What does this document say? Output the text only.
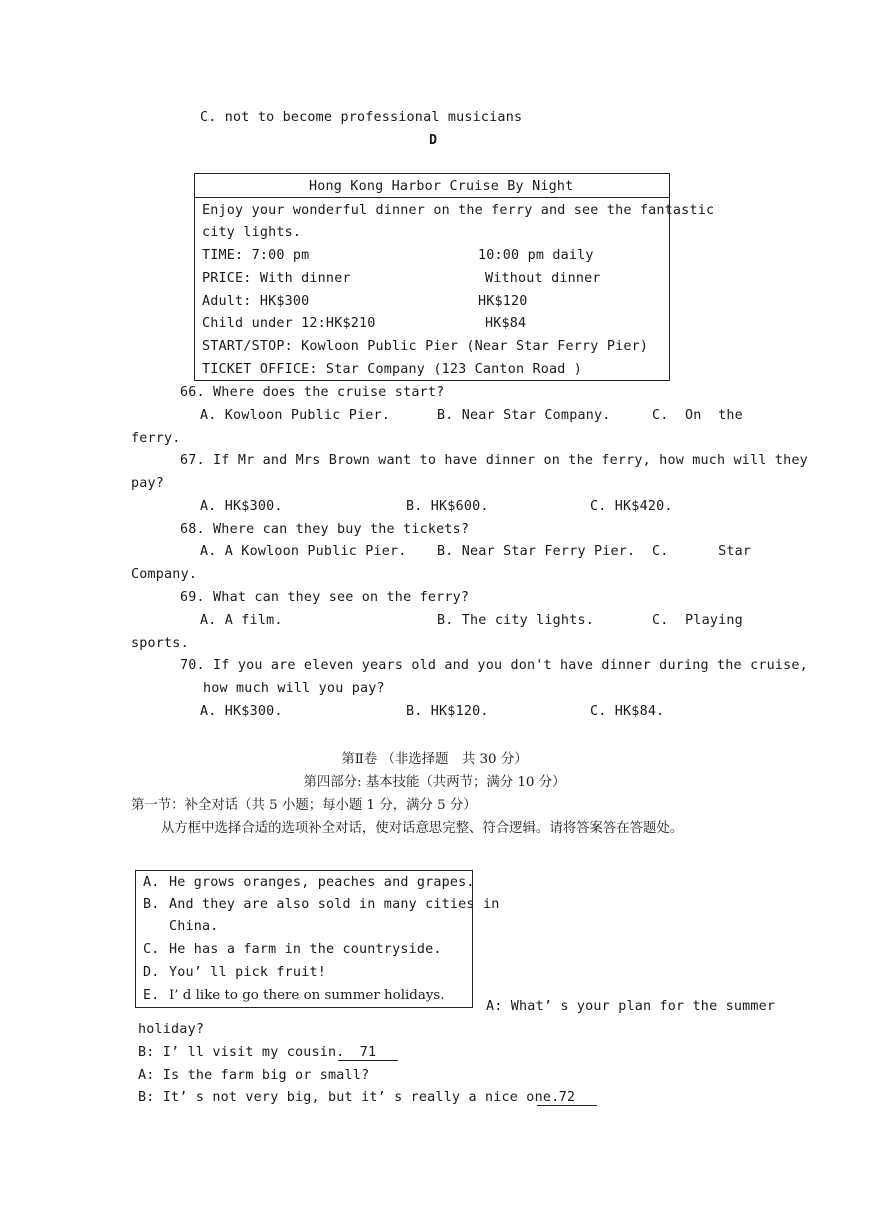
C. not to become professional musicians
D
Hong Kong Harbor Cruise By Night
Enjoy your wonderful dinner on the ferry and see the fantastic
city lights.
TIME: 7:00 pm	10:00 pm daily
PRICE: With dinner	Without dinner
Adult: HK$300	HK$120
Child under 12:HK$210	HK$84
START/STOP: Kowloon Public Pier (Near Star Ferry Pier)
TICKET OFFICE: Star Company (123 Canton Road )
66. Where does the cruise start?
A. Kowloon Public Pier.	B. Near Star Company.	C.  On  the
ferry.
67. If Mr and Mrs Brown want to have dinner on the ferry, how much will they
pay?
A. HK$300.	B. HK$600.	C. HK$420.
68. Where can they buy the tickets?
A. A Kowloon Public Pier. B. Near Star Ferry Pier. C.      Star
Company.
69. What can they see on the ferry?
A. A film.	B. The city lights.	C.  Playing
sports.
70. If you are eleven years old and you don't have dinner during the cruise,
how much will you pay?
A. HK$300.	B. HK$120.	C. HK$84.
第Ⅱ卷 （非选择题　共 30 分）
第四部分: 基本技能（共两节；满分 10 分）
第一节：补全对话（共 5 小题；每小题 1 分，满分 5 分）
从方框中选择合适的选项补全对话，使对话意思完整、符合逻辑。请将答案答在答题处。
A. He grows oranges, peaches and grapes.
B. And they are also sold in many cities in
China.
C. He has a farm in the countryside.
D. You’ ll pick fruit!
E. I’ d like to go there on summer holidays.
A: What’ s your plan for the summer
holiday?
B: I’ ll visit my cousin.	71
A: Is the farm big or small?
B: It’ s not very big, but it’ s really a nice one. 72
